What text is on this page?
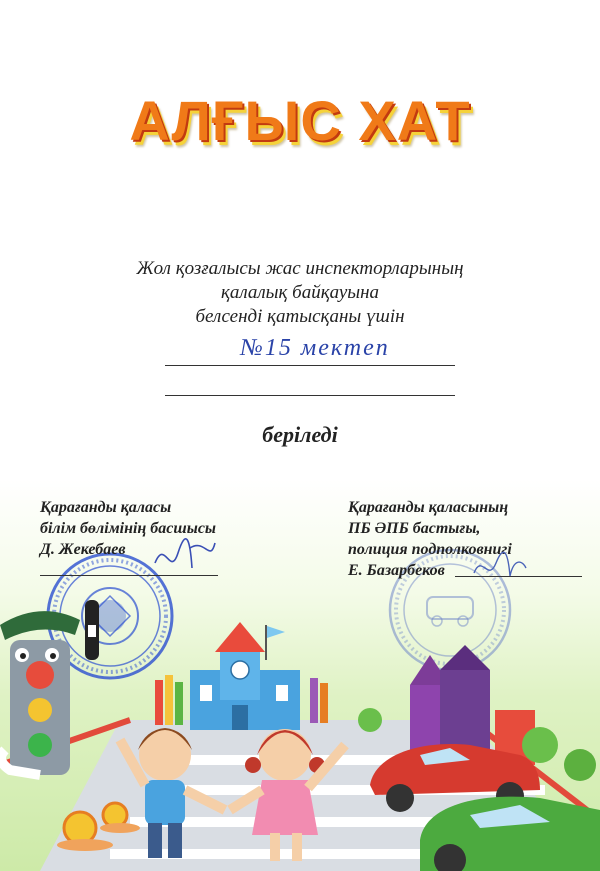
АЛҒЫС ХАТ
Жол қозғалысы жас инспекторларының
қалалық байқауына
белсенді қатысқаны үшін
№15 мектеп
беріледі
Қарағанды қаласы
білім бөлімінің басшысы
Д. Жекебаев
Қарағанды қаласының
ПБ ӘПБ бастығы,
полиция подполковнигі
Е. Базарбеков
